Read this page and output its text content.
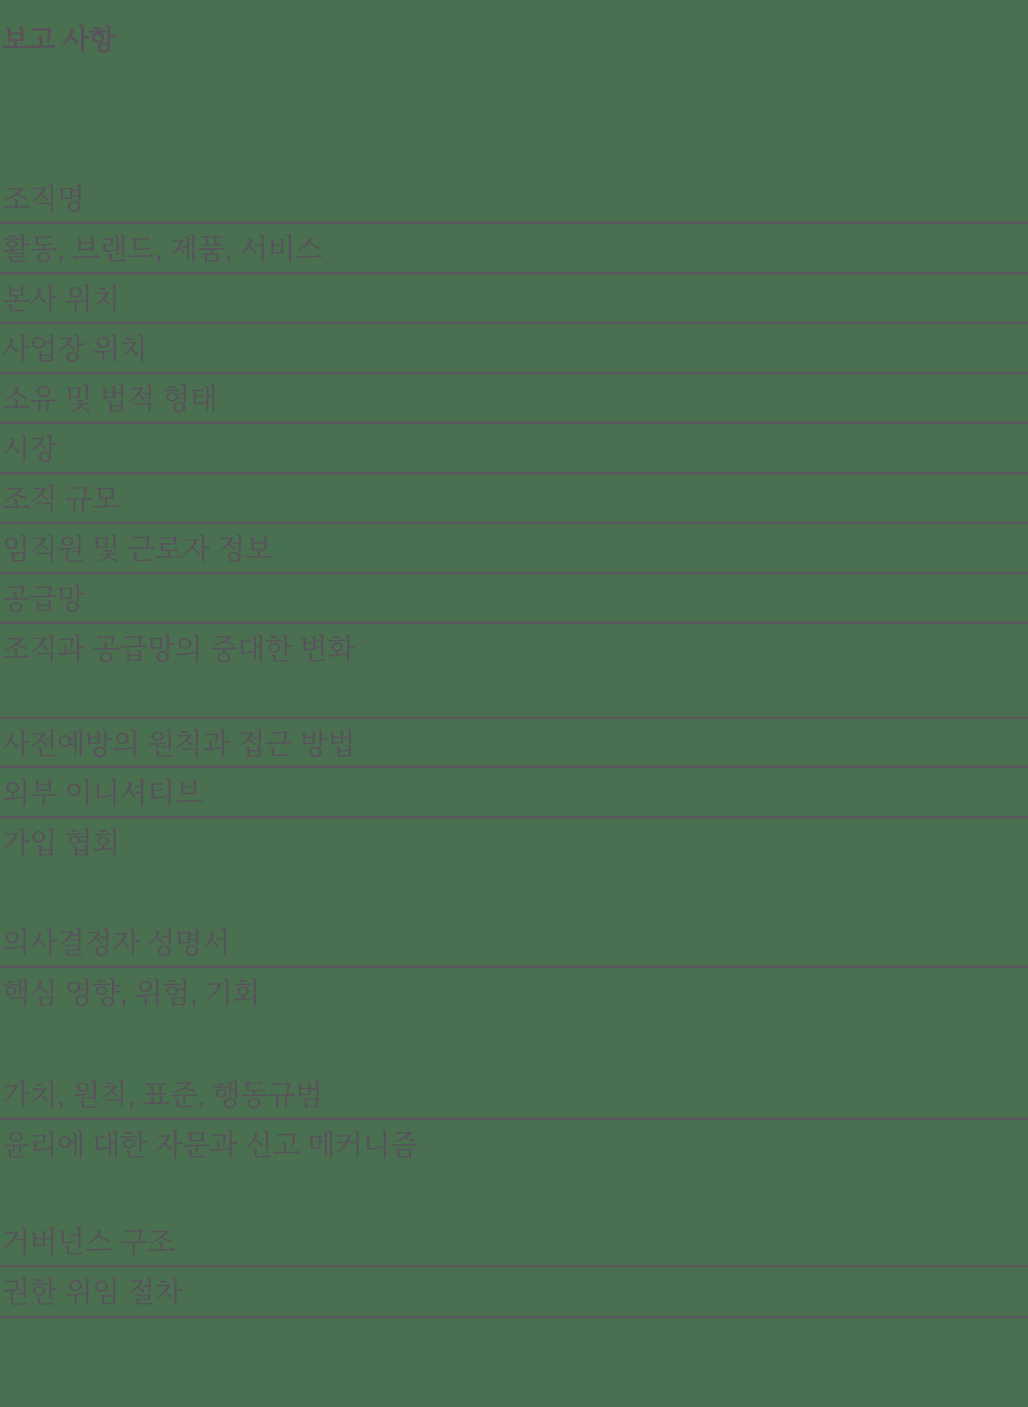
보고 사항
조직명
활동, 브랜드, 제품, 서비스
본사 위치
사업장 위치
소유 및 법적 형태
시장
조직 규모
임직원 및 근로자 정보
공급망
조직과 공급망의 중대한 변화
사전예방의 원칙과 접근 방법
외부 이니셔티브
가입 협회
의사결정자 성명서
핵심 영향, 위험, 기회
가치, 원칙, 표준, 행동규범
윤리에 대한 자문과 신고 메커니즘
거버넌스 구조
권한 위임 절차
